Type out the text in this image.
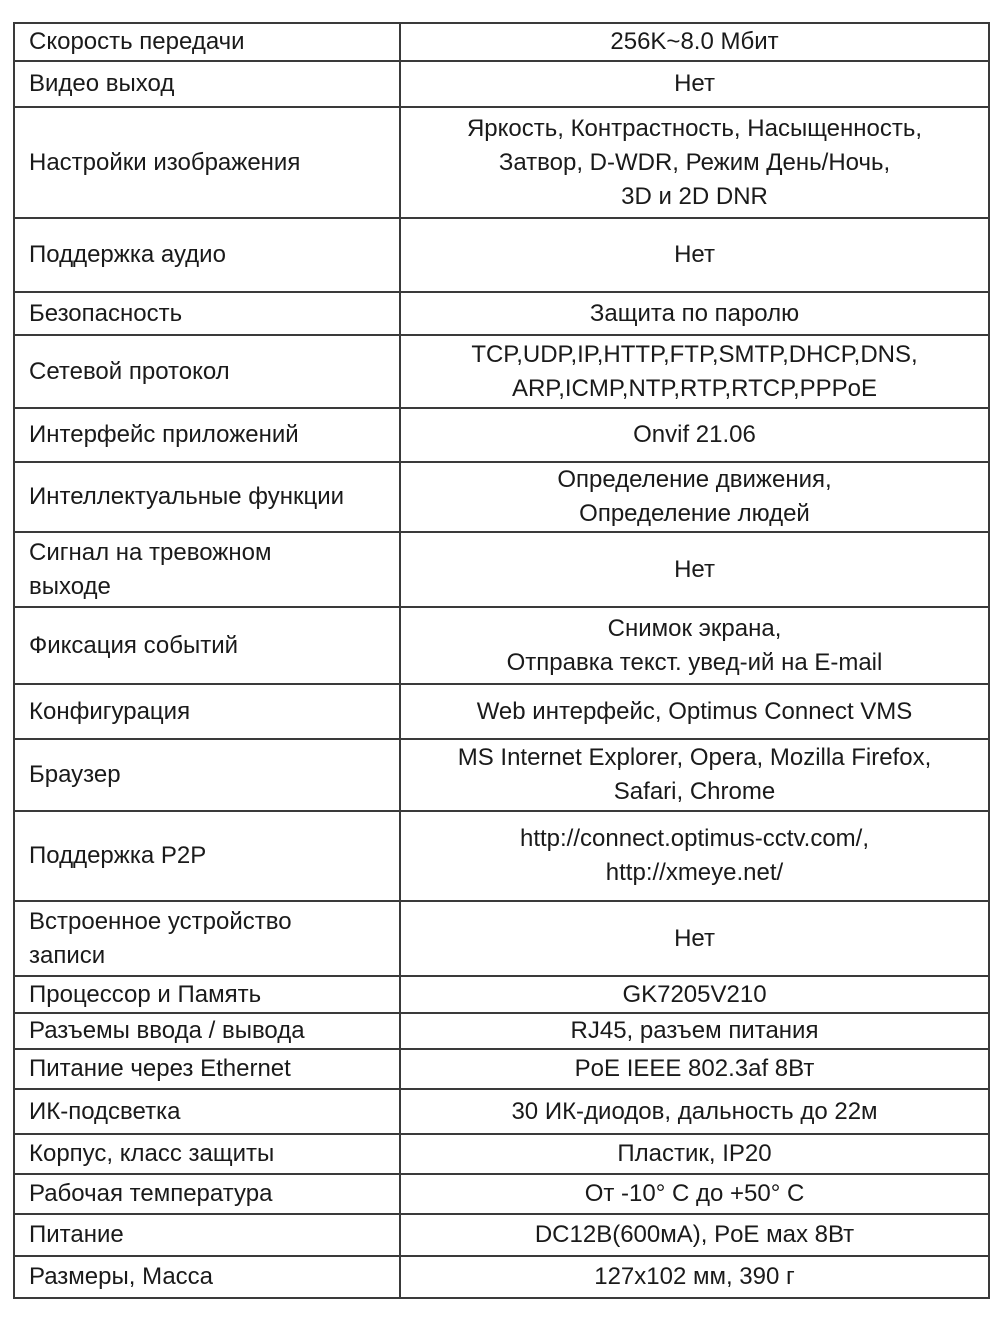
Скорость передачи	256K~8.0 Мбит
Видео выход	Нет
Настройки изображения	Яркость, Контрастность, Насыщенность,
Затвор, D-WDR, Режим День/Ночь,
3D и 2D DNR
Поддержка аудио	Нет
Безопасность	Защита по паролю
Сетевой протокол	TCP,UDP,IP,HTTP,FTP,SMTP,DHCP,DNS,
ARP,ICMP,NTP,RTP,RTCP,PPPoE
Интерфейс приложений	Onvif 21.06
Интеллектуальные функции	Определение движения,
Определение людей
Сигнал на тревожном
выходе	Нет
Фиксация событий	Снимок экрана,
Отправка текст. увед-ий на E-mail
Конфигурация	Web интерфейс, Optimus Connect VMS
Браузер	MS Internet Explorer, Opera, Mozilla Firefox,
Safari, Chrome
Поддержка P2P	http://connect.optimus-cctv.com/,
http://xmeye.net/
Встроенное устройство
записи	Нет
Процессор и Память	GK7205V210
Разъемы ввода / вывода	RJ45, разъем питания
Питание через Ethernet	PoE IEEE 802.3af 8Вт
ИК-подсветка	30 ИК-диодов, дальность до 22м
Корпус, класс защиты	Пластик, IP20
Рабочая температура	От -10° С до +50° С
Питание	DC12В(600мА), PoE мax 8Вт
Размеры, Масса	127x102 мм, 390 г
